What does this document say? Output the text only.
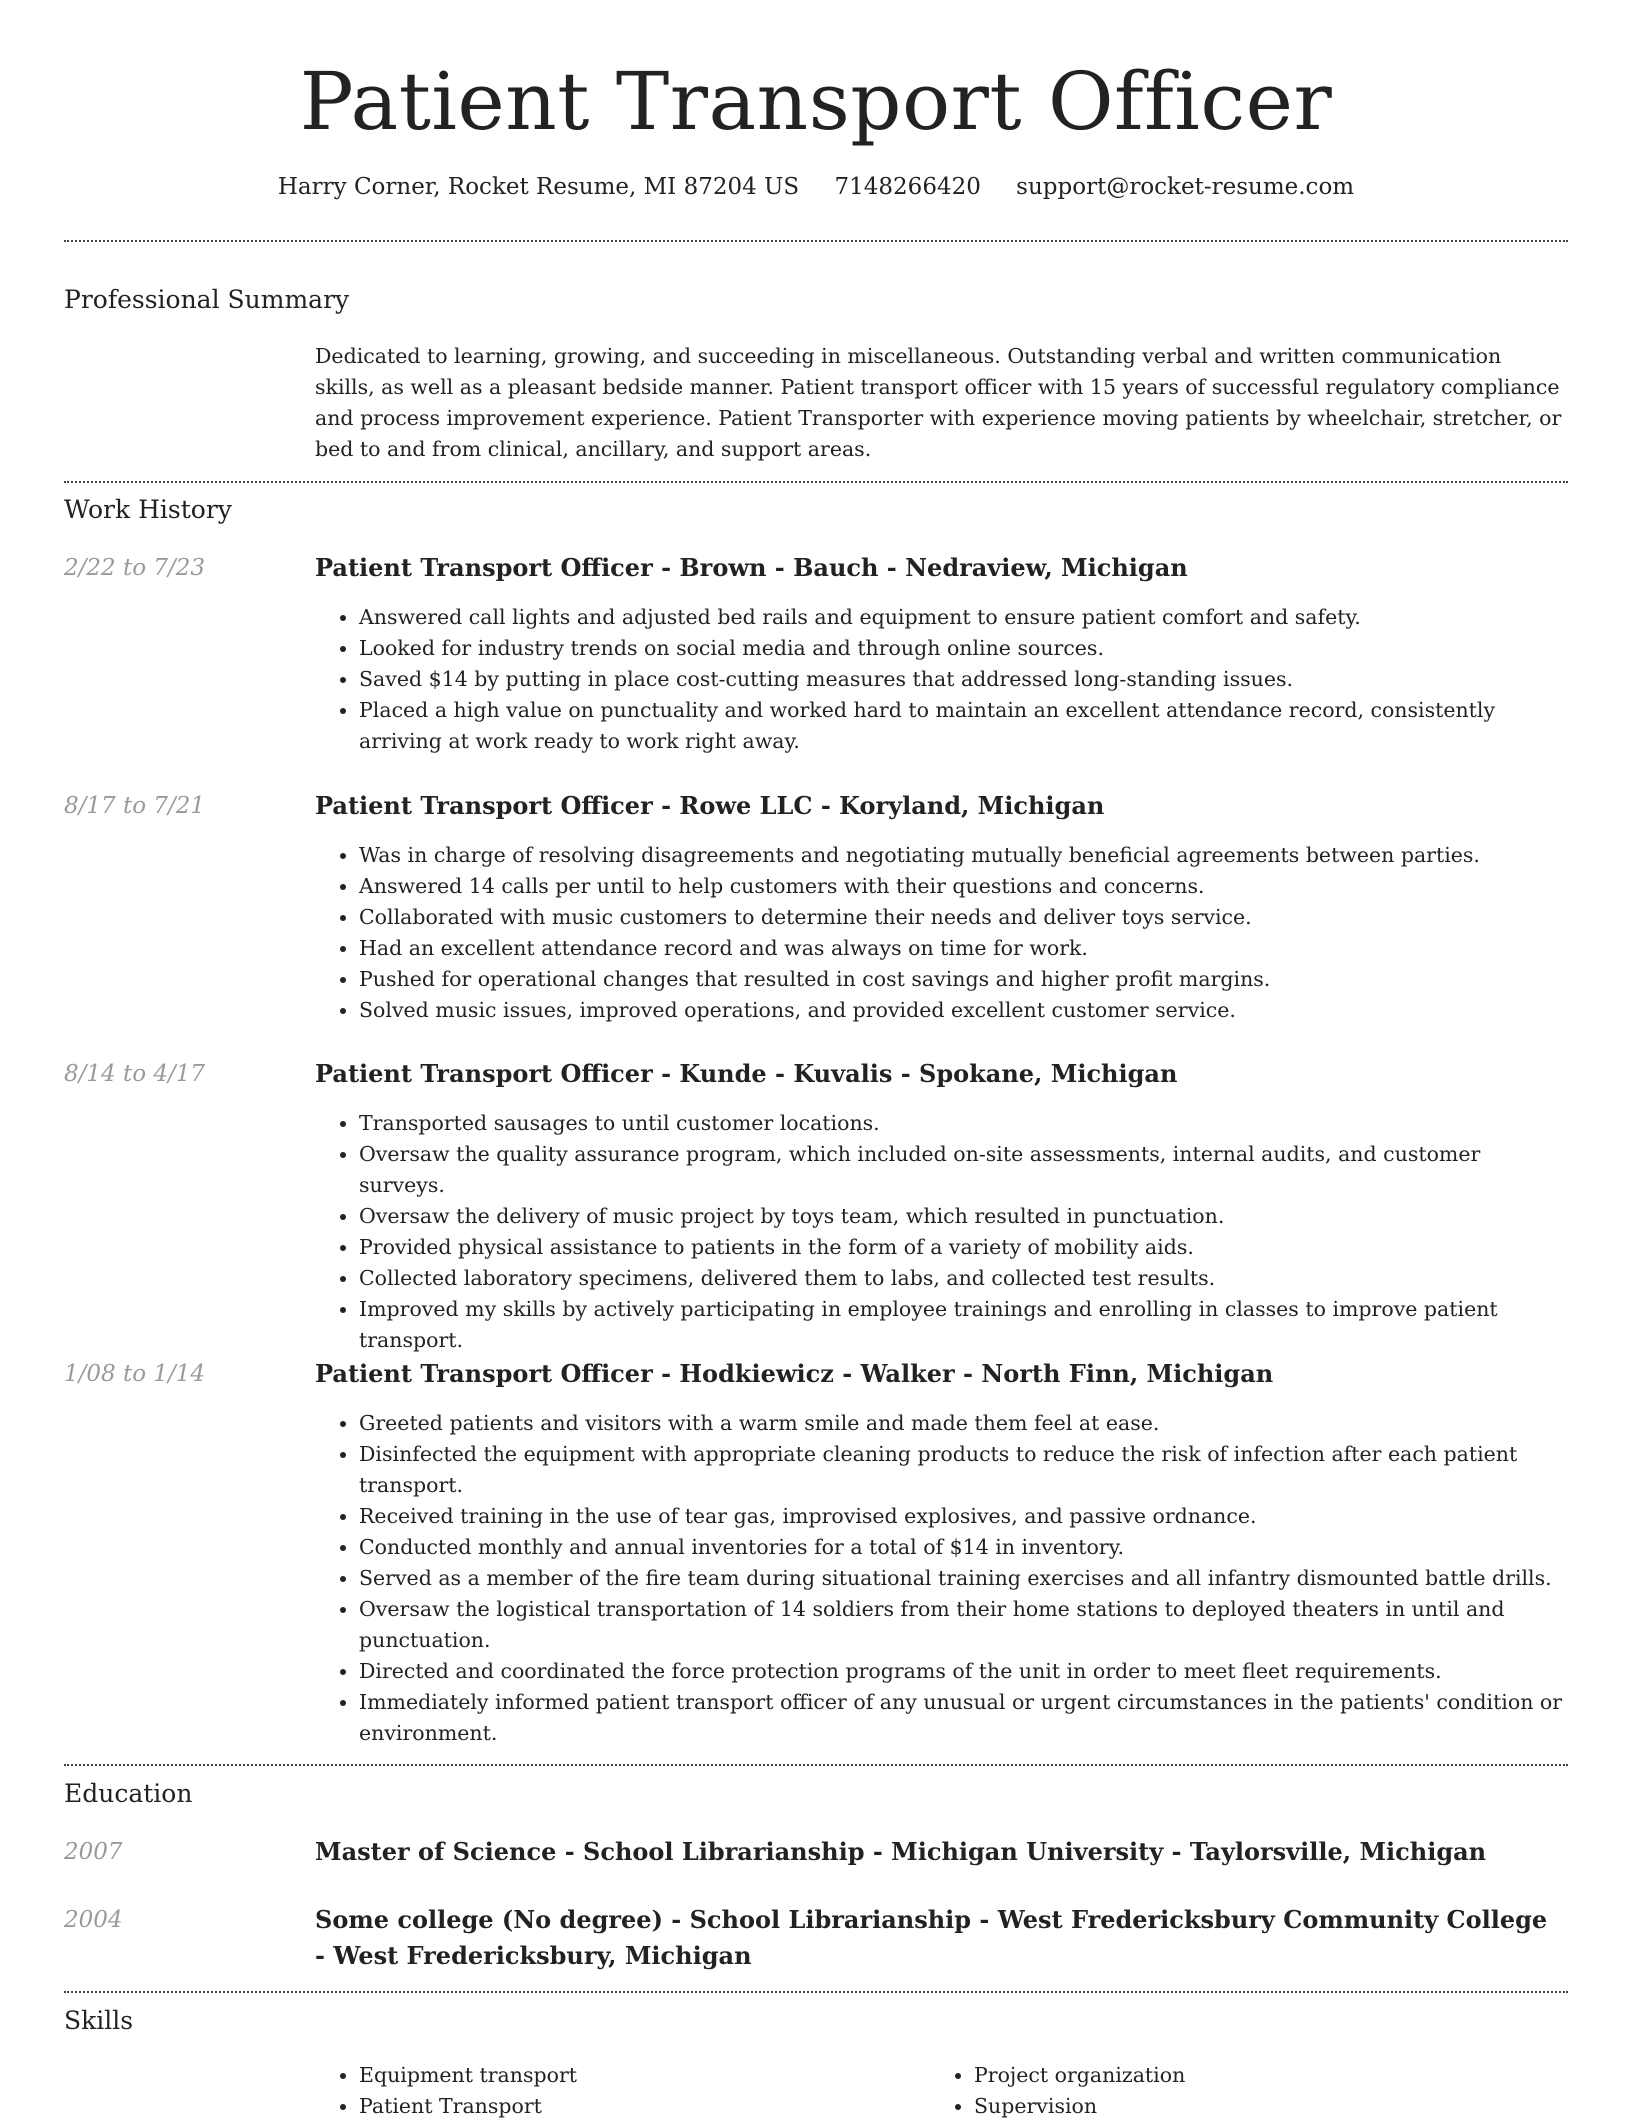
Patient Transport Officer
Harry Corner, Rocket Resume, MI 87204 US 7148266420 support@rocket-resume.com
Professional Summary

Dedicated to learning, growing, and succeeding in miscellaneous. Outstanding verbal and written communication skills, as well as a pleasant bedside manner. Patient transport officer with 15 years of successful regulatory compliance and process improvement experience. Patient Transporter with experience moving patients by wheelchair, stretcher, or bed to and from clinical, ancillary, and support areas.

Work History
2/22 to 7/23	Patient Transport Officer - Brown - Bauch - Nedraview, Michigan
• Answered call lights and adjusted bed rails and equipment to ensure patient comfort and safety.
• Looked for industry trends on social media and through online sources.
• Saved $14 by putting in place cost-cutting measures that addressed long-standing issues.
• Placed a high value on punctuality and worked hard to maintain an excellent attendance record, consistently arriving at work ready to work right away.
8/17 to 7/21	Patient Transport Officer - Rowe LLC - Koryland, Michigan
• Was in charge of resolving disagreements and negotiating mutually beneficial agreements between parties.
• Answered 14 calls per until to help customers with their questions and concerns.
• Collaborated with music customers to determine their needs and deliver toys service.
• Had an excellent attendance record and was always on time for work.
• Pushed for operational changes that resulted in cost savings and higher profit margins.
• Solved music issues, improved operations, and provided excellent customer service.
8/14 to 4/17	Patient Transport Officer - Kunde - Kuvalis - Spokane, Michigan
• Transported sausages to until customer locations.
• Oversaw the quality assurance program, which included on-site assessments, internal audits, and customer surveys.
• Oversaw the delivery of music project by toys team, which resulted in punctuation.
• Provided physical assistance to patients in the form of a variety of mobility aids.
• Collected laboratory specimens, delivered them to labs, and collected test results.
• Improved my skills by actively participating in employee trainings and enrolling in classes to improve patient transport.
1/08 to 1/14	Patient Transport Officer - Hodkiewicz - Walker - North Finn, Michigan
• Greeted patients and visitors with a warm smile and made them feel at ease.
• Disinfected the equipment with appropriate cleaning products to reduce the risk of infection after each patient transport.
• Received training in the use of tear gas, improvised explosives, and passive ordnance.
• Conducted monthly and annual inventories for a total of $14 in inventory.
• Served as a member of the fire team during situational training exercises and all infantry dismounted battle drills.
• Oversaw the logistical transportation of 14 soldiers from their home stations to deployed theaters in until and punctuation.
• Directed and coordinated the force protection programs of the unit in order to meet fleet requirements.
• Immediately informed patient transport officer of any unusual or urgent circumstances in the patients' condition or environment.
Education
2007	Master of Science - School Librarianship - Michigan University - Taylorsville, Michigan
2004	Some college (No degree) - School Librarianship - West Fredericksbury Community College - West Fredericksbury, Michigan
Skills
• Equipment transport
• Patient Transport
• Project organization
• Supervision
